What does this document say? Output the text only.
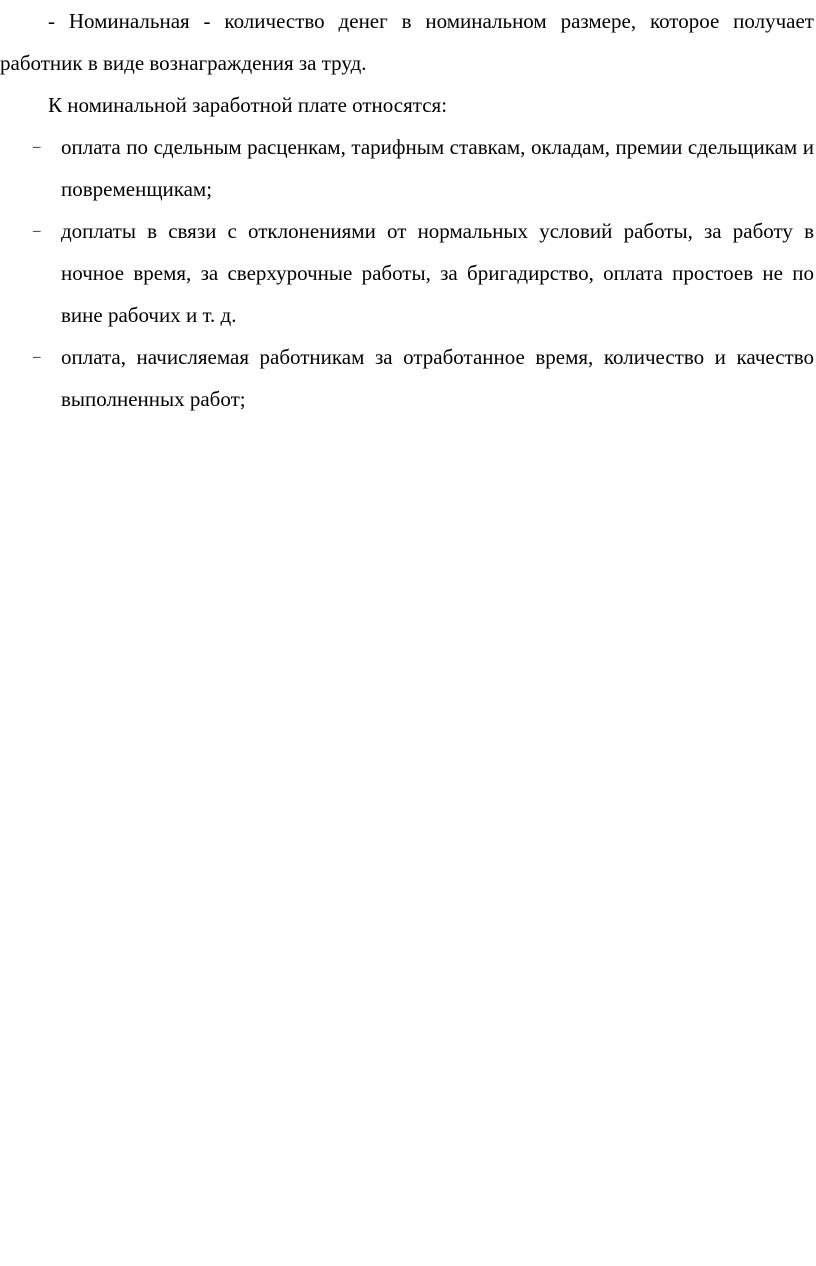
- Номинальная - количество денег в номинальном размере, которое получает работник в виде вознаграждения за труд.

К номинальной заработной плате относятся:

– оплата по сдельным расценкам, тарифным ставкам, окладам, премии сдельщикам и повременщикам;
– доплаты в связи с отклонениями от нормальных условий работы, за работу в ночное время, за сверхурочные работы, за бригадирство, оплата простоев не по вине рабочих и т. д.
– оплата, начисляемая работникам за отработанное время, количество и качество выполненных работ;
